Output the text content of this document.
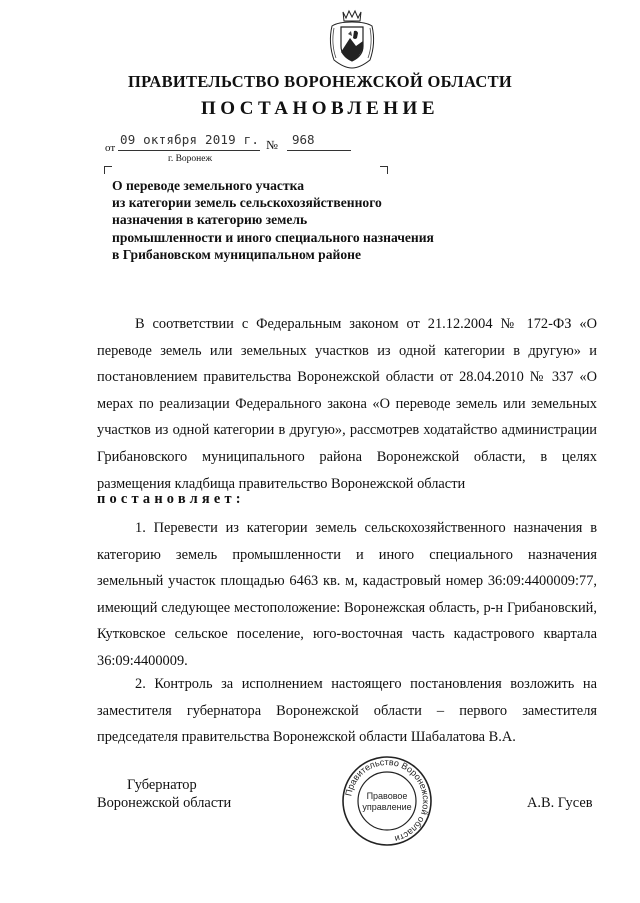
ПРАВИТЕЛЬСТВО ВОРОНЕЖСКОЙ ОБЛАСТИ
ПОСТАНОВЛЕНИЕ
от
09 октября 2019 г. № 968
г. Воронеж
О переводе земельного участка
из категории земель сельскохозяйственного
назначения в категорию земель
промышленности и иного специального назначения
в Грибановском муниципальном районе
В соответствии с Федеральным законом от 21.12.2004 № 172-ФЗ «О переводе земель или земельных участков из одной категории в другую» и постановлением правительства Воронежской области от 28.04.2010 № 337 «О мерах по реализации Федерального закона «О переводе земель или земельных участков из одной категории в другую», рассмотрев ходатайство администрации Грибановского муниципального района Воронежской области, в целях размещения кладбища правительство Воронежской области
постановляет:
1. Перевести из категории земель сельскохозяйственного назначения в категорию земель промышленности и иного специального назначения земельный участок площадью 6463 кв. м, кадастровый номер 36:09:4400009:77, имеющий следующее местоположение: Воронежская область, р-н Грибановский, Кутковское сельское поселение, юго-восточная часть кадастрового квартала 36:09:4400009.
2. Контроль за исполнением настоящего постановления возложить на заместителя губернатора Воронежской области – первого заместителя председателя правительства Воронежской области Шабалатова В.А.
Губернатор
Воронежской области	А.В. Гусев
Правительство Воронежской области
Правовое
управление
